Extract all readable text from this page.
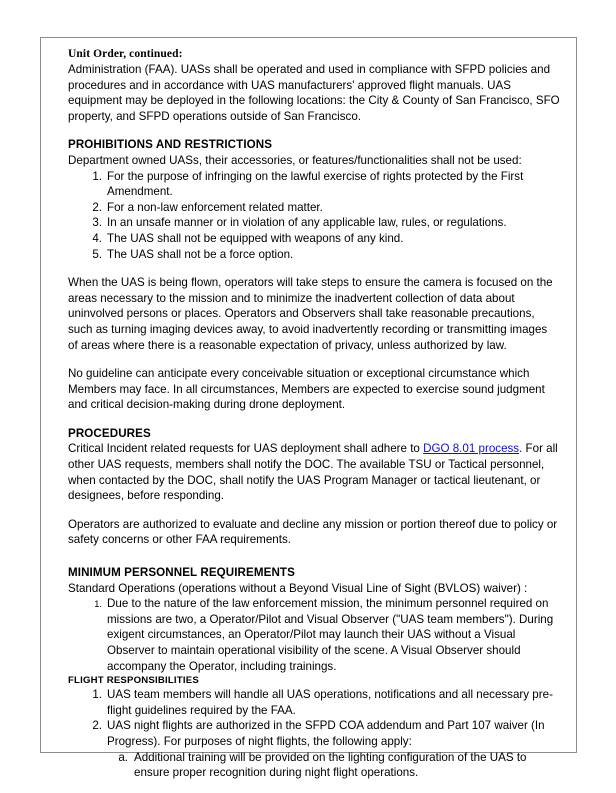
Unit Order, continued:

Administration (FAA). UASs shall be operated and used in compliance with SFPD policies and procedures and in accordance with UAS manufacturers' approved flight manuals. UAS equipment may be deployed in the following locations: the City & County of San Francisco, SFO property, and SFPD operations outside of San Francisco.

PROHIBITIONS AND RESTRICTIONS

Department owned UASs, their accessories, or features/functionalities shall not be used:

1. For the purpose of infringing on the lawful exercise of rights protected by the First Amendment.
2. For a non-law enforcement related matter.
3. In an unsafe manner or in violation of any applicable law, rules, or regulations.
4. The UAS shall not be equipped with weapons of any kind.
5. The UAS shall not be a force option.

When the UAS is being flown, operators will take steps to ensure the camera is focused on the areas necessary to the mission and to minimize the inadvertent collection of data about uninvolved persons or places. Operators and Observers shall take reasonable precautions, such as turning imaging devices away, to avoid inadvertently recording or transmitting images of areas where there is a reasonable expectation of privacy, unless authorized by law.

No guideline can anticipate every conceivable situation or exceptional circumstance which Members may face. In all circumstances, Members are expected to exercise sound judgment and critical decision-making during drone deployment.

PROCEDURES

Critical Incident related requests for UAS deployment shall adhere to DGO 8.01 process. For all other UAS requests, members shall notify the DOC. The available TSU or Tactical personnel, when contacted by the DOC, shall notify the UAS Program Manager or tactical lieutenant, or designees, before responding.

Operators are authorized to evaluate and decline any mission or portion thereof due to policy or safety concerns or other FAA requirements.

MINIMUM PERSONNEL REQUIREMENTS

Standard Operations (operations without a Beyond Visual Line of Sight (BVLOS) waiver) :

1. Due to the nature of the law enforcement mission, the minimum personnel required on missions are two, a Operator/Pilot and Visual Observer ("UAS team members"). During exigent circumstances, an Operator/Pilot may launch their UAS without a Visual Observer to maintain operational visibility of the scene. A Visual Observer should accompany the Operator, including trainings.
FLIGHT RESPONSIBILITIES
1. UAS team members will handle all UAS operations, notifications and all necessary pre-flight guidelines required by the FAA.
2. UAS night flights are authorized in the SFPD COA addendum and Part 107 waiver (In Progress). For purposes of night flights, the following apply:
a. Additional training will be provided on the lighting configuration of the UAS to ensure proper recognition during night flight operations.
